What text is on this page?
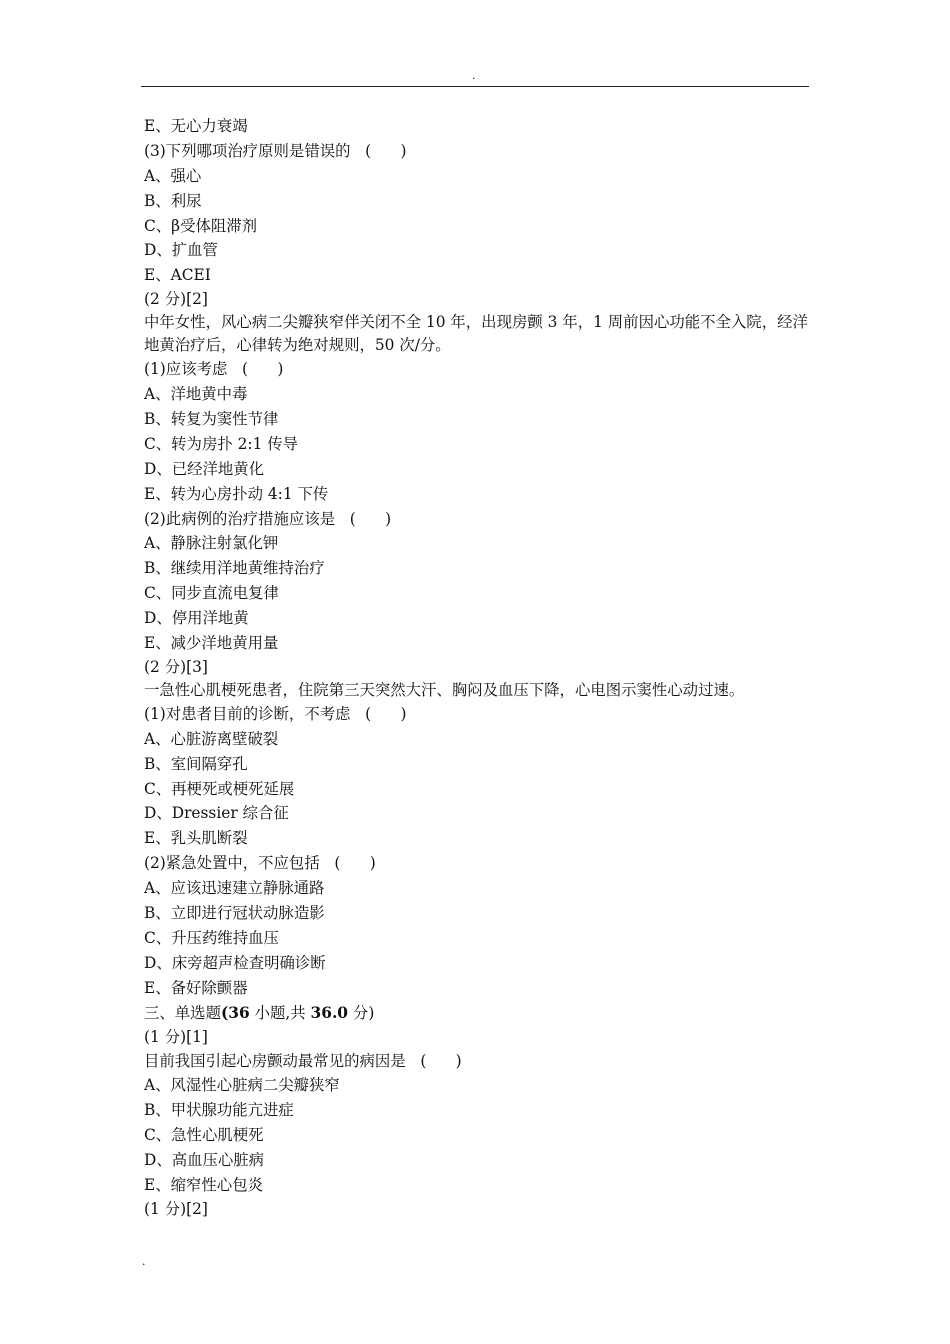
.
E、无心力衰竭
(3)下列哪项治疗原则是错误的   (      )
A、强心
B、利尿
C、β受体阻滞剂
D、扩血管
E、ACEI
(2 分)[2]
中年女性，风心病二尖瓣狭窄伴关闭不全 10 年，出现房颤 3 年，1 周前因心功能不全入院，经洋地黄治疗后，心律转为绝对规则，50 次/分。
(1)应该考虑   (      )
A、洋地黄中毒
B、转复为窦性节律
C、转为房扑 2:1 传导
D、已经洋地黄化
E、转为心房扑动 4:1 下传
(2)此病例的治疗措施应该是   (      )
A、静脉注射氯化钾
B、继续用洋地黄维持治疗
C、同步直流电复律
D、停用洋地黄
E、减少洋地黄用量
(2 分)[3]
一急性心肌梗死患者，住院第三天突然大汗、胸闷及血压下降，心电图示窦性心动过速。
(1)对患者目前的诊断，不考虑   (      )
A、心脏游离壁破裂
B、室间隔穿孔
C、再梗死或梗死延展
D、Dressier 综合征
E、乳头肌断裂
(2)紧急处置中，不应包括   (      )
A、应该迅速建立静脉通路
B、立即进行冠状动脉造影
C、升压药维持血压
D、床旁超声检查明确诊断
E、备好除颤器
三、单选题(36 小题,共 36.0 分)
(1 分)[1]
目前我国引起心房颤动最常见的病因是   (      )
A、风湿性心脏病二尖瓣狭窄
B、甲状腺功能亢进症
C、急性心肌梗死
D、高血压心脏病
E、缩窄性心包炎
(1 分)[2]
.
